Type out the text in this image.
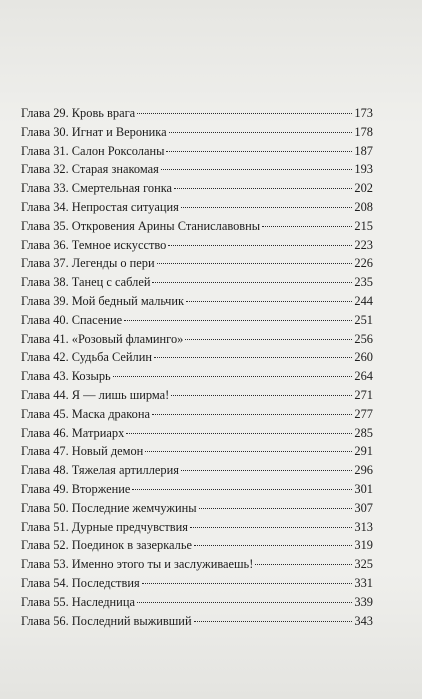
Глава 29. Кровь врага	173
Глава 30. Игнат и Вероника	178
Глава 31. Салон Роксоланы	187
Глава 32. Старая знакомая	193
Глава 33. Смертельная гонка	202
Глава 34. Непростая ситуация	208
Глава 35. Откровения Арины Станиславовны	215
Глава 36. Темное искусство	223
Глава 37. Легенды о пери	226
Глава 38. Танец с саблей	235
Глава 39. Мой бедный мальчик	244
Глава 40. Спасение	251
Глава 41. «Розовый фламинго»	256
Глава 42. Судьба Сейлин	260
Глава 43. Козырь	264
Глава 44. Я — лишь ширма!	271
Глава 45. Маска дракона	277
Глава 46. Матриарх	285
Глава 47. Новый демон	291
Глава 48. Тяжелая артиллерия	296
Глава 49. Вторжение	301
Глава 50. Последние жемчужины	307
Глава 51. Дурные предчувствия	313
Глава 52. Поединок в зазеркалье	319
Глава 53. Именно этого ты и заслуживаешь!	325
Глава 54. Последствия	331
Глава 55. Наследница	339
Глава 56. Последний выживший	343
